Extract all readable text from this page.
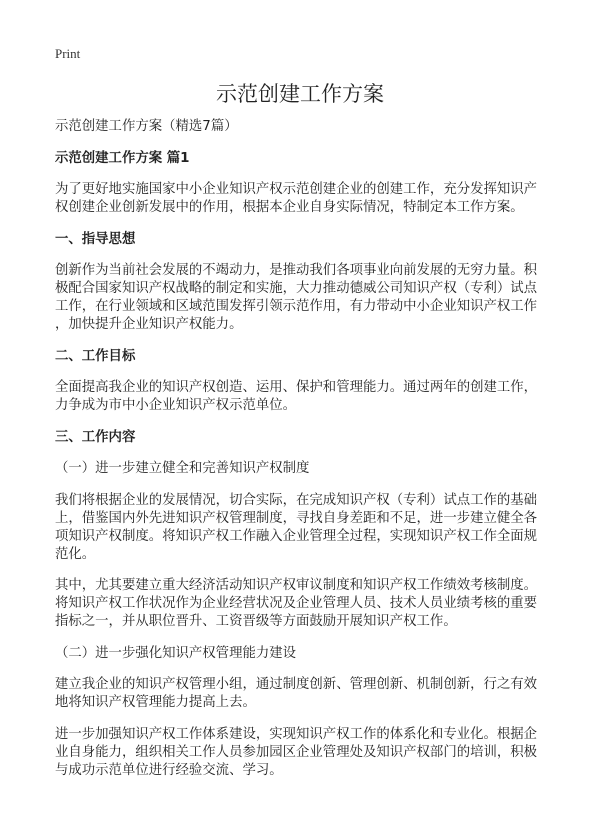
Print
示范创建工作方案

示范创建工作方案（精选7篇）

示范创建工作方案 篇1

为了更好地实施国家中小企业知识产权示范创建企业的创建工作，充分发挥知识产
权创建企业创新发展中的作用，根据本企业自身实际情况，特制定本工作方案。

一、指导思想

创新作为当前社会发展的不竭动力，是推动我们各项事业向前发展的无穷力量。积
极配合国家知识产权战略的制定和实施，大力推动德威公司知识产权（专利）试点
工作，在行业领域和区域范围发挥引领示范作用，有力带动中小企业知识产权工作
，加快提升企业知识产权能力。

二、工作目标

全面提高我企业的知识产权创造、运用、保护和管理能力。通过两年的创建工作，
力争成为市中小企业知识产权示范单位。

三、工作内容

（一）进一步建立健全和完善知识产权制度

我们将根据企业的发展情况，切合实际，在完成知识产权（专利）试点工作的基础
上，借鉴国内外先进知识产权管理制度，寻找自身差距和不足，进一步建立健全各
项知识产权制度。将知识产权工作融入企业管理全过程，实现知识产权工作全面规
范化。

其中，尤其要建立重大经济活动知识产权审议制度和知识产权工作绩效考核制度。
将知识产权工作状况作为企业经营状况及企业管理人员、技术人员业绩考核的重要
指标之一，并从职位晋升、工资晋级等方面鼓励开展知识产权工作。

（二）进一步强化知识产权管理能力建设

建立我企业的知识产权管理小组，通过制度创新、管理创新、机制创新，行之有效
地将知识产权管理能力提高上去。

进一步加强知识产权工作体系建设，实现知识产权工作的体系化和专业化。根据企
业自身能力，组织相关工作人员参加园区企业管理处及知识产权部门的培训，积极
与成功示范单位进行经验交流、学习。
